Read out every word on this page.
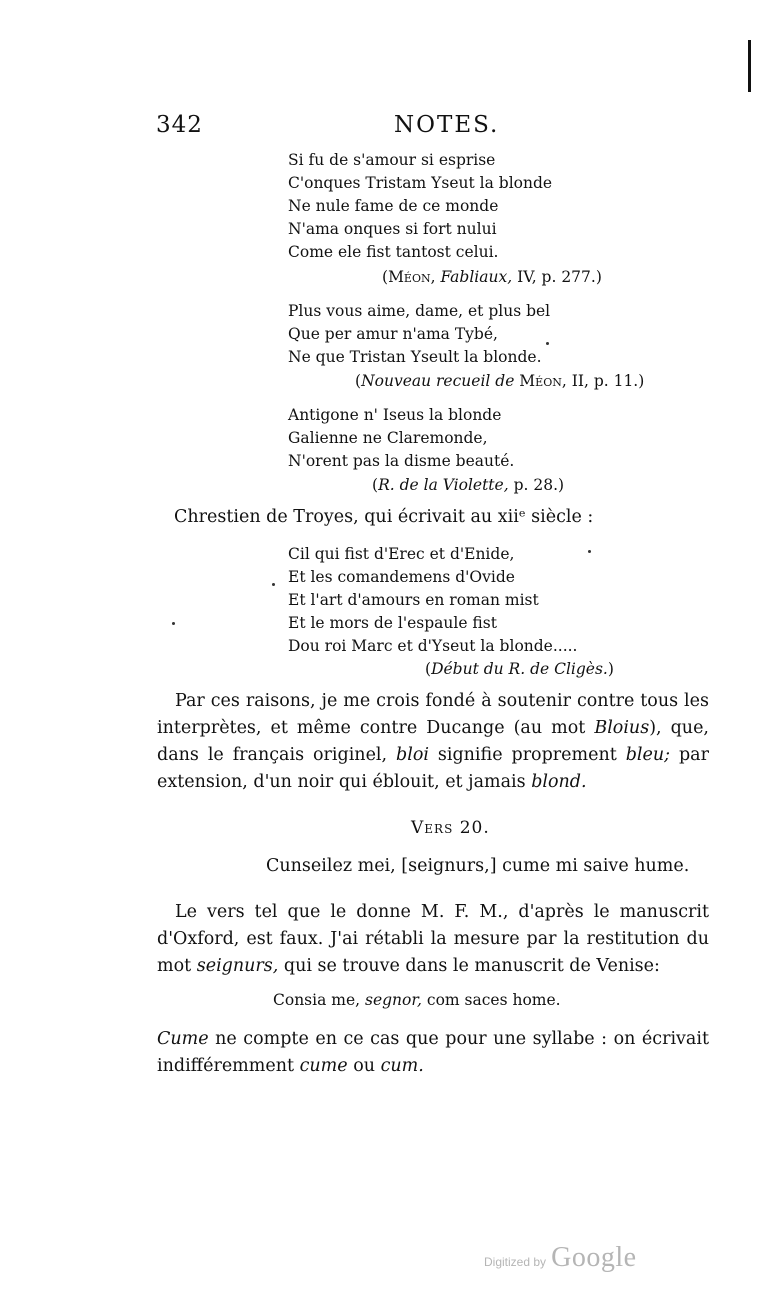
342	NOTES.
Si fu de s'amour si esprise
C'onques Tristam Yseut la blonde
Ne nule fame de ce monde
N'ama onques si fort nului
Come ele fist tantost celui.
(Méon, Fabliaux, IV, p. 277.)
Plus vous aime, dame, et plus bel
Que per amur n'ama Tybé,
Ne que Tristan Yseult la blonde.
(Nouveau recueil de Méon, II, p. 11.)
Antigone n' Iseus la blonde
Galienne ne Claremonde,
N'orent pas la disme beauté.
(R. de la Violette, p. 28.)
Chrestien de Troyes, qui écrivait au xiiᵉ siècle :
Cil qui fist d'Erec et d'Enide,
Et les comandemens d'Ovide
Et l'art d'amours en roman mist
Et le mors de l'espaule fist
Dou roi Marc et d'Yseut la blonde.....
(Début du R. de Cligès.)
Par ces raisons, je me crois fondé à soutenir contre tous les interprètes, et même contre Ducange (au mot Bloius), que, dans le français originel, bloi signifie proprement bleu; par extension, d'un noir qui éblouit, et jamais blond.
Vers 20.
Cunseilez mei, [seignurs,] cume mi saive hume.
Le vers tel que le donne M. F. M., d'après le manuscrit d'Oxford, est faux. J'ai rétabli la mesure par la restitution du mot seignurs, qui se trouve dans le manuscrit de Venise:
Consia me, segnor, com saces home.
Cume ne compte en ce cas que pour une syllabe : on écrivait indifféremment cume ou cum.
Digitized by Google
